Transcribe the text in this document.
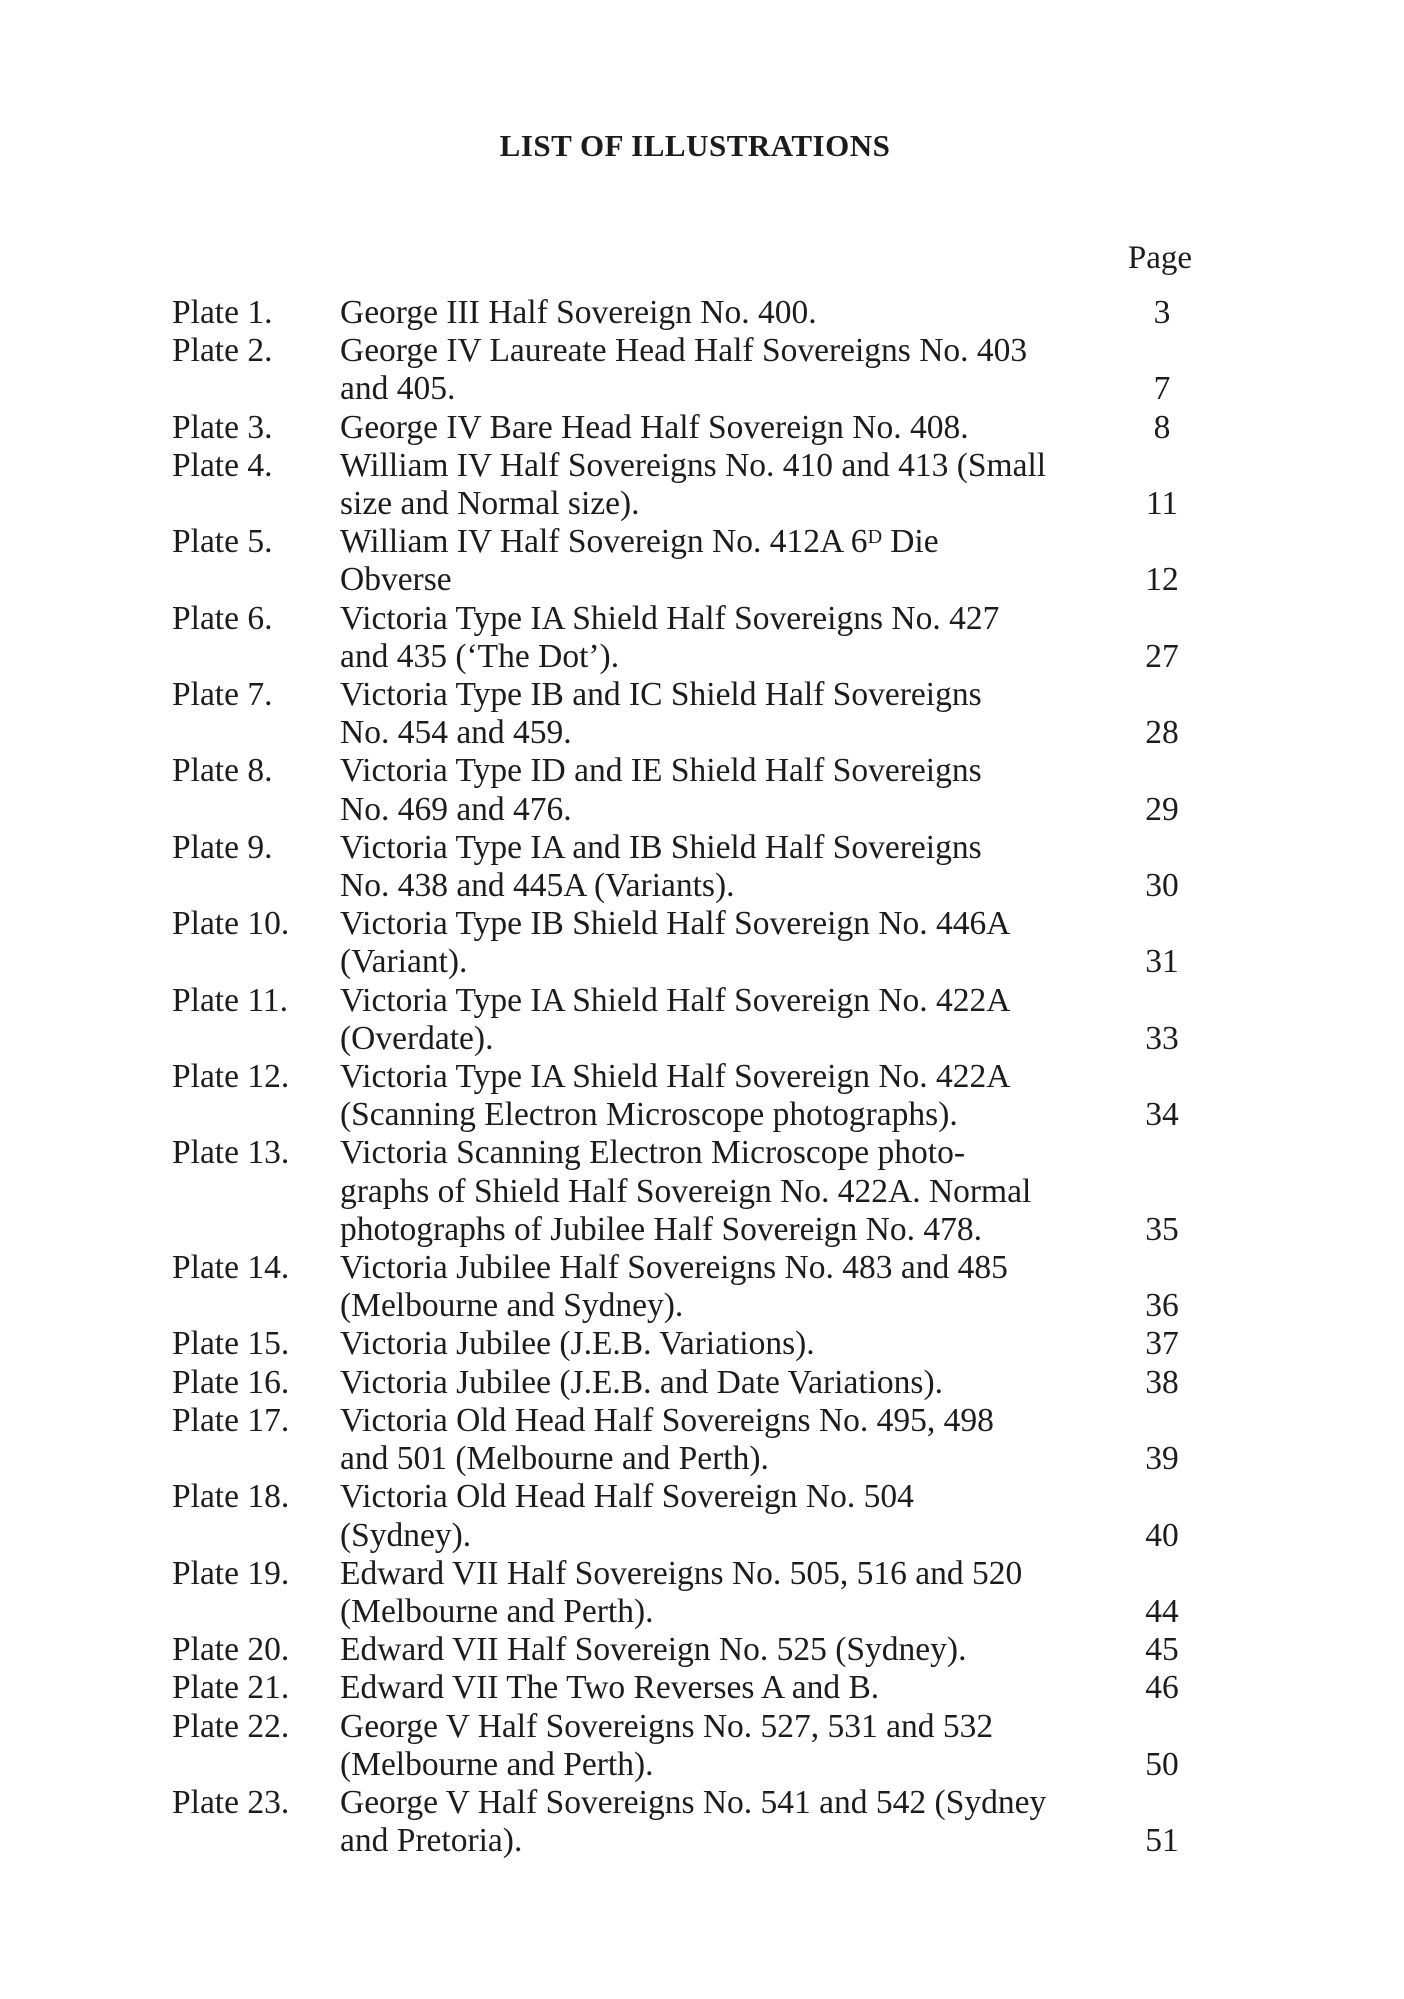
LIST OF ILLUSTRATIONS
Page
Plate 1.	George III Half Sovereign No. 400.	3
Plate 2.	George IV Laureate Head Half Sovereigns No. 403
and 405.	7
Plate 3.	George IV Bare Head Half Sovereign No. 408.	8
Plate 4.	William IV Half Sovereigns No. 410 and 413 (Small
size and Normal size).	11
Plate 5.	William IV Half Sovereign No. 412A 6ᴰ Die
Obverse	12
Plate 6.	Victoria Type IA Shield Half Sovereigns No. 427
and 435 (‘The Dot’).	27
Plate 7.	Victoria Type IB and IC Shield Half Sovereigns
No. 454 and 459.	28
Plate 8.	Victoria Type ID and IE Shield Half Sovereigns
No. 469 and 476.	29
Plate 9.	Victoria Type IA and IB Shield Half Sovereigns
No. 438 and 445A (Variants).	30
Plate 10.	Victoria Type IB Shield Half Sovereign No. 446A
(Variant).	31
Plate 11.	Victoria Type IA Shield Half Sovereign No. 422A
(Overdate).	33
Plate 12.	Victoria Type IA Shield Half Sovereign No. 422A
(Scanning Electron Microscope photographs).	34
Plate 13.	Victoria Scanning Electron Microscope photo-
graphs of Shield Half Sovereign No. 422A. Normal
photographs of Jubilee Half Sovereign No. 478.	35
Plate 14.	Victoria Jubilee Half Sovereigns No. 483 and 485
(Melbourne and Sydney).	36
Plate 15.	Victoria Jubilee (J.E.B. Variations).	37
Plate 16.	Victoria Jubilee (J.E.B. and Date Variations).	38
Plate 17.	Victoria Old Head Half Sovereigns No. 495, 498
and 501 (Melbourne and Perth).	39
Plate 18.	Victoria Old Head Half Sovereign No. 504
(Sydney).	40
Plate 19.	Edward VII Half Sovereigns No. 505, 516 and 520
(Melbourne and Perth).	44
Plate 20.	Edward VII Half Sovereign No. 525 (Sydney).	45
Plate 21.	Edward VII The Two Reverses A and B.	46
Plate 22.	George V Half Sovereigns No. 527, 531 and 532
(Melbourne and Perth).	50
Plate 23.	George V Half Sovereigns No. 541 and 542 (Sydney
and Pretoria).	51
